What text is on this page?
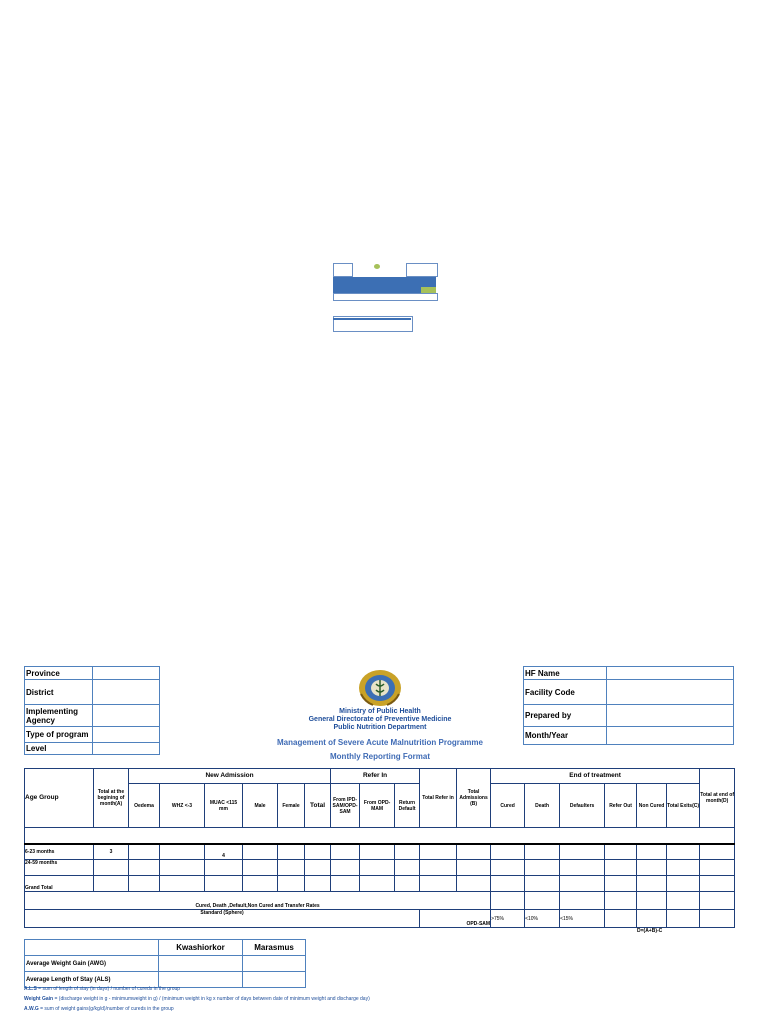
Province	
District	
Implementing Agency	
Type of program	
Level	
HF Name	
Facility Code	
Prepared by	
Month/Year	
Ministry of Public Health
General Directorate of Preventive Medicine
Public Nutrition Department
Management of Severe Acute Malnutrition Programme
Monthly Reporting Format
Age Group	Total at the begining of month(A)	New Admission						Refer In			Total Refer in	Total Admissions (B)	End of treatment						Total at end of month(D)
		Oedema	WHZ <-3	MUAC <115 mm	Male	Female	Total	From IPD-SAM/OPD-SAM	From OPD-MAM	Return Default			Cured	Death	Defaulters	Refer Out	Non Cured	Total Exits(C)	

6-23 months	3			4															
24-59 months																			
Grand Total																			
Cured, Death ,Default,Non Cured and Transfer Rates																			
Standard (Sphere)											OPD-SAM		>75%	<10%	<15%				
D=(A+B)-C
	Kwashiorkor	Marasmus
Average Weight Gain (AWG)		
Average Length of Stay (ALS)		
A.L.S = sum of length of stay (in days) / number of cureds in the group
Weight Gain = (discharge weight in g - minimumweight in g) / (minimum weight in kg x number of days between date of minimum weight and discharge day)
A.W.G = sum of weight gains(g/kg/d)/number of cureds in the group
